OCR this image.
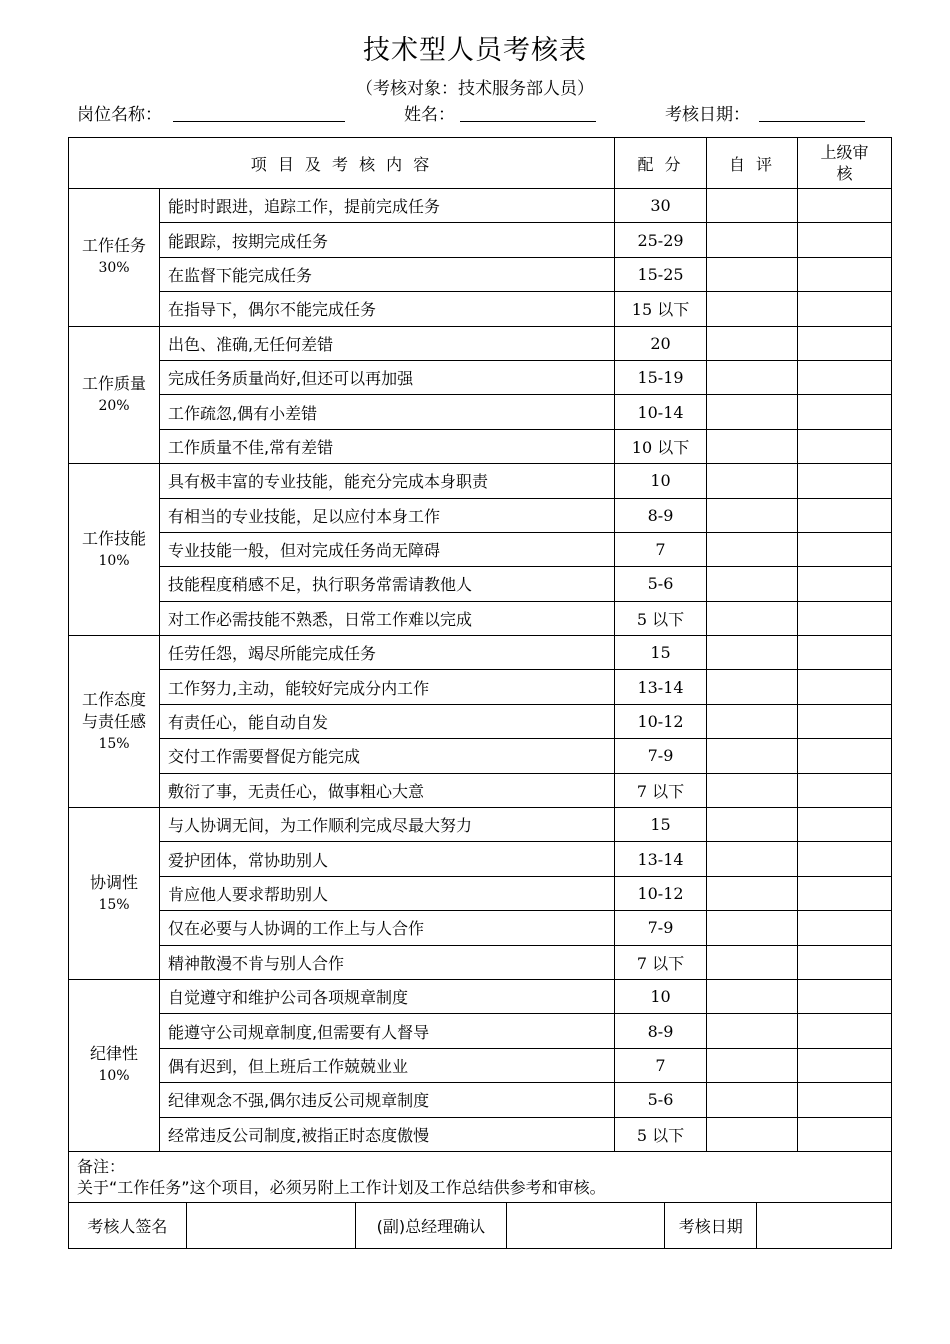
技术型人员考核表
（考核对象：技术服务部人员）
岗位名称：	姓名：	考核日期：
项 目 及 考 核 内 容	配 分	自 评	上级审核
工作任务
30%
	能时时跟进，追踪工作，提前完成任务	30		
能跟踪，按期完成任务	25-29		
在监督下能完成任务	15-25		
在指导下，偶尔不能完成任务	15 以下		
工作质量
20%
	出色、准确,无任何差错	20		
完成任务质量尚好,但还可以再加强	15-19		
工作疏忽,偶有小差错	10-14		
工作质量不佳,常有差错	10 以下		
工作技能
10%
	具有极丰富的专业技能，能充分完成本身职责	10		
有相当的专业技能，足以应付本身工作	8-9		
专业技能一般，但对完成任务尚无障碍	7		
技能程度稍感不足，执行职务常需请教他人	5-6		
对工作必需技能不熟悉，日常工作难以完成	5 以下		
工作态度与责任感
15%
	任劳任怨，竭尽所能完成任务	15		
工作努力,主动，能较好完成分内工作	13-14		
有责任心，能自动自发	10-12		
交付工作需要督促方能完成	7-9		
敷衍了事，无责任心，做事粗心大意	7 以下		
协调性
15%
	与人协调无间，为工作顺利完成尽最大努力	15		
爱护团体，常协助别人	13-14		
肯应他人要求帮助别人	10-12		
仅在必要与人协调的工作上与人合作	7-9		
精神散漫不肯与别人合作	7 以下		
纪律性
10%
	自觉遵守和维护公司各项规章制度	10		
能遵守公司规章制度,但需要有人督导	8-9		
偶有迟到，但上班后工作兢兢业业	7		
纪律观念不强,偶尔违反公司规章制度	5-6		
经常违反公司制度,被指正时态度傲慢	5 以下		

备注：
关于“工作任务”这个项目，必须另附上工作计划及工作总结供参考和审核。

考核人签名		(副)总经理确认		考核日期	
